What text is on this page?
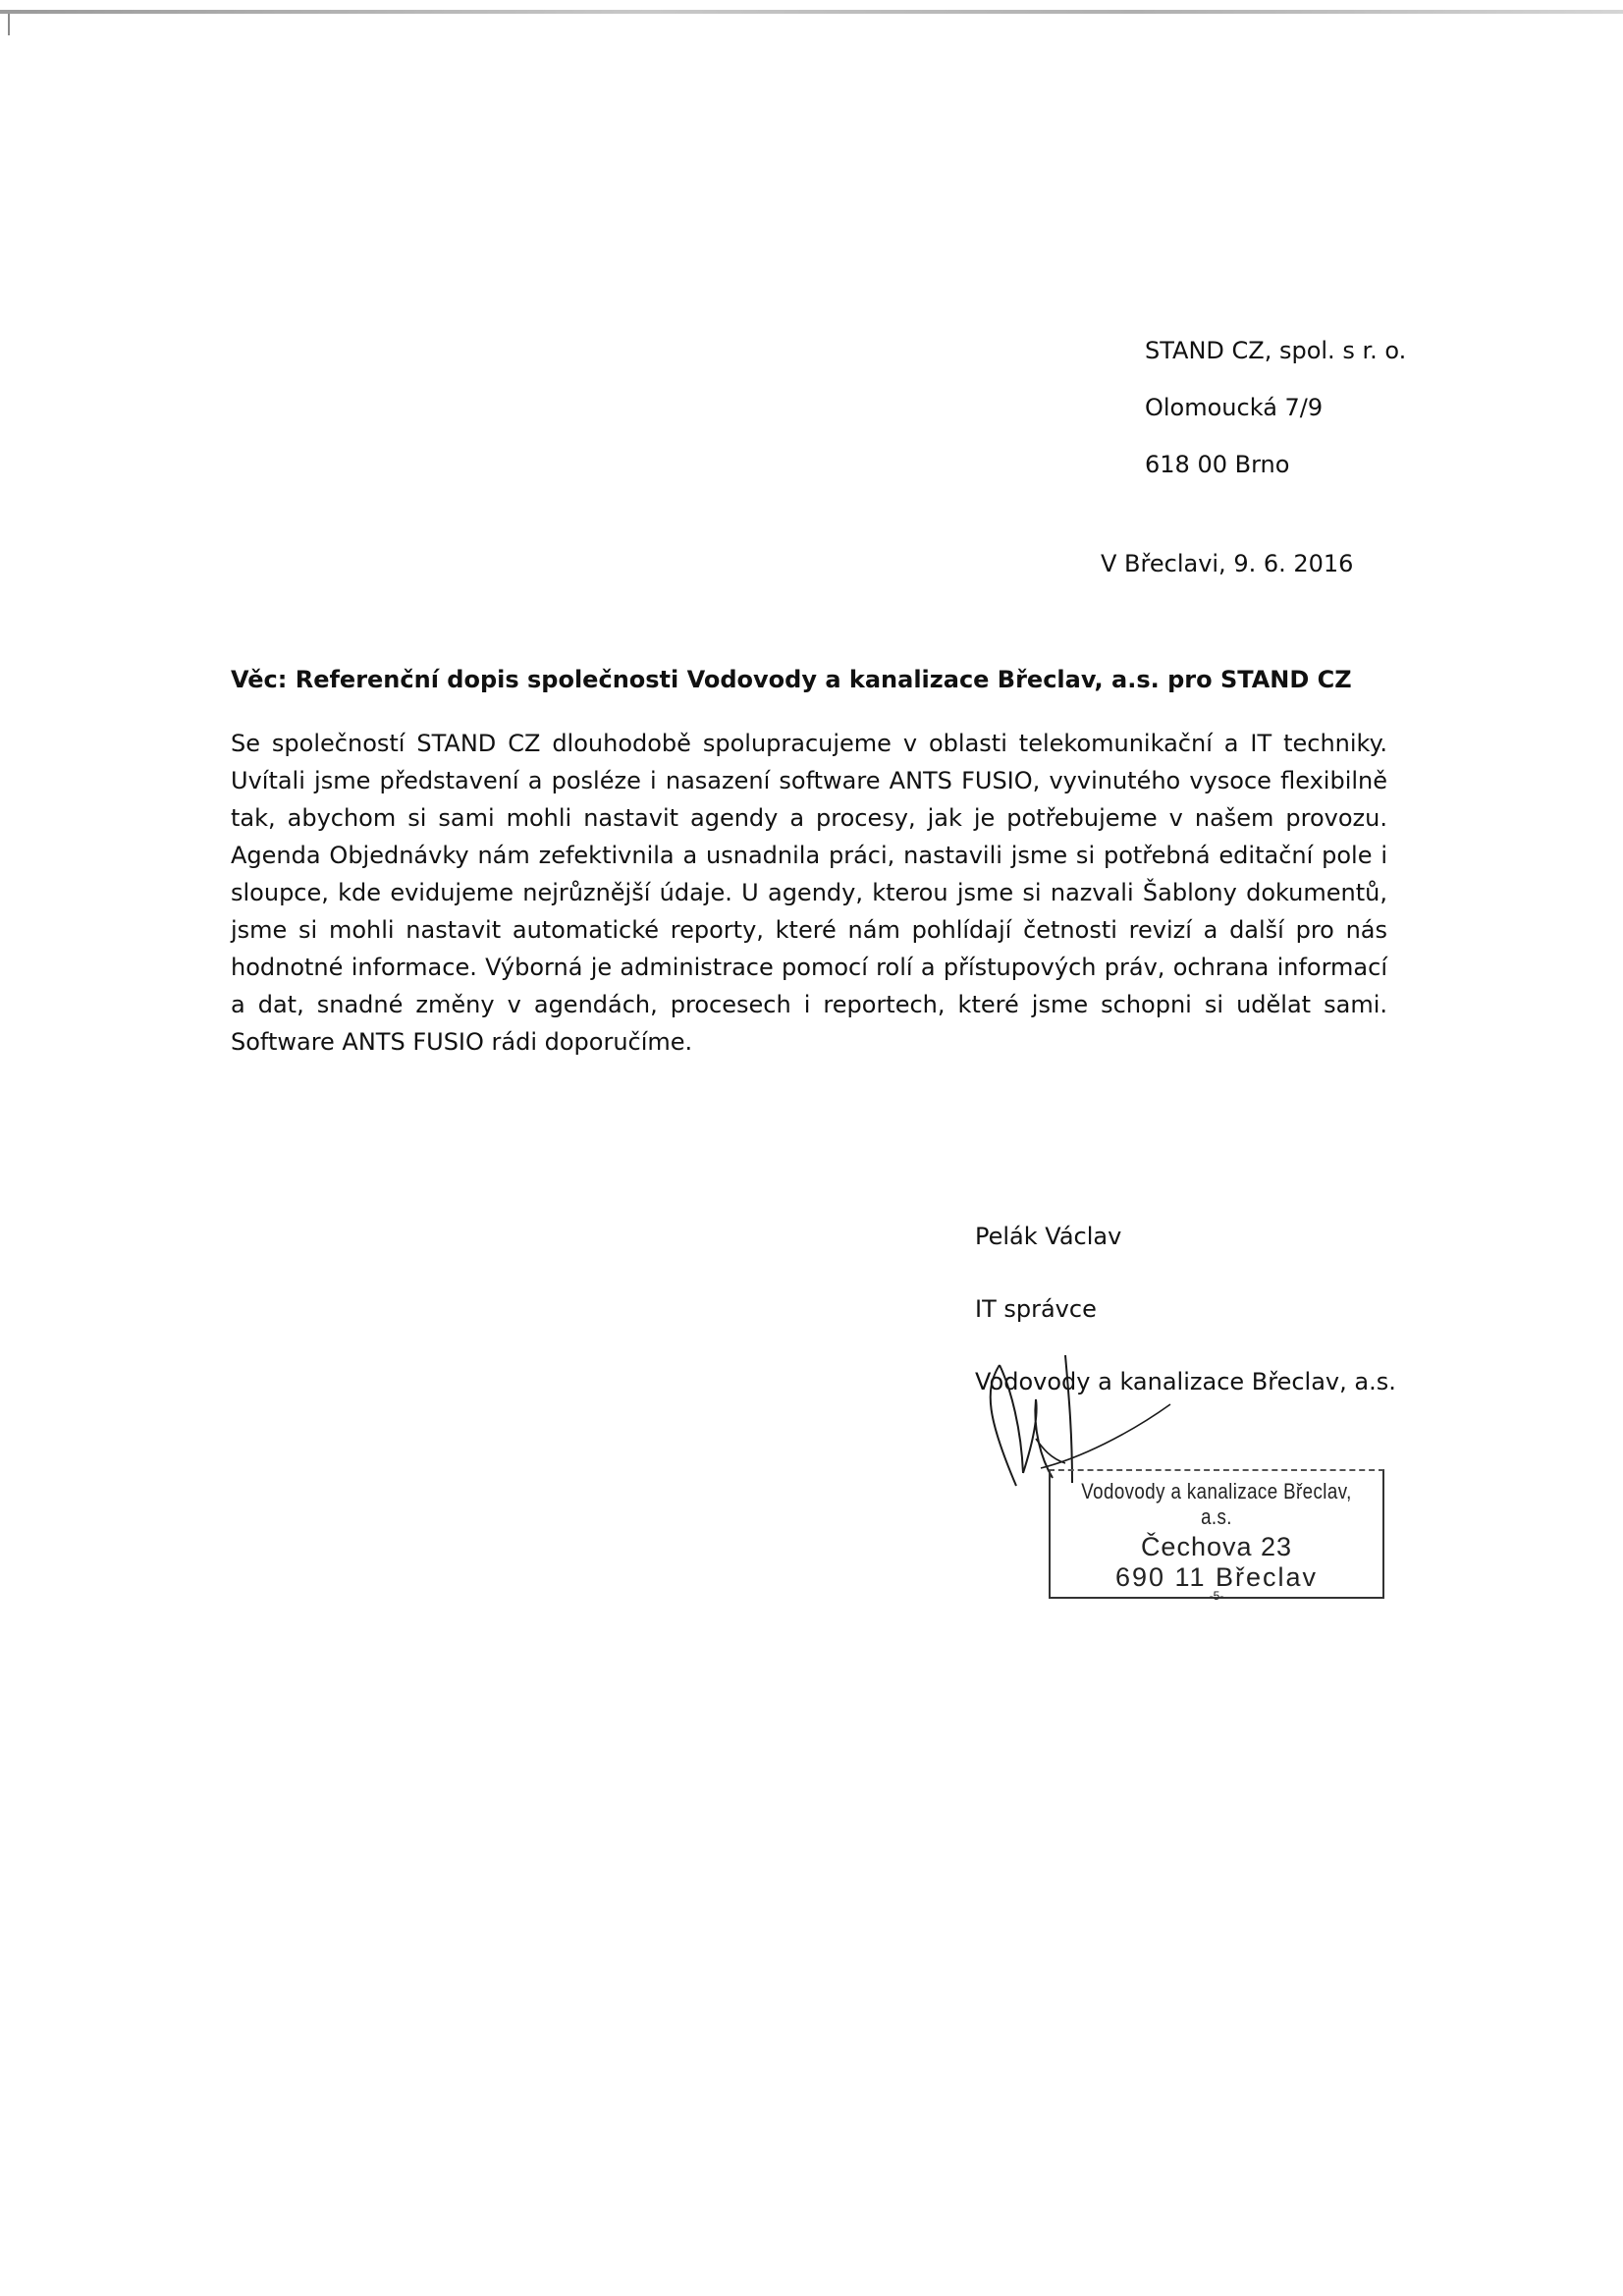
STAND CZ, spol. s r. o.
Olomoucká 7/9
618 00 Brno
V Břeclavi, 9. 6. 2016
Věc: Referenční dopis společnosti Vodovody a kanalizace Břeclav, a.s. pro STAND CZ

Se společností STAND CZ dlouhodobě spolupracujeme v oblasti telekomunikační a IT techniky. Uvítali jsme představení a posléze i nasazení software ANTS FUSIO, vyvinutého vysoce flexibilně tak, abychom si sami mohli nastavit agendy a procesy, jak je potřebujeme v našem provozu. Agenda Objednávky nám zefektivnila a usnadnila práci, nastavili jsme si potřebná editační pole i sloupce, kde evidujeme nejrůznější údaje. U agendy, kterou jsme si nazvali Šablony dokumentů, jsme si mohli nastavit automatické reporty, které nám pohlídají četnosti revizí a další pro nás hodnotné informace. Výborná je administrace pomocí rolí a přístupových práv, ochrana informací a dat, snadné změny v agendách, procesech i reportech, které jsme schopni si udělat sami. Software ANTS FUSIO rádi doporučíme.

Pelák Václav
IT správce
Vodovody a kanalizace Břeclav, a.s.
Vodovody a kanalizace Břeclav, a.s.
Čechova 23
690 11 Břeclav
-5-
